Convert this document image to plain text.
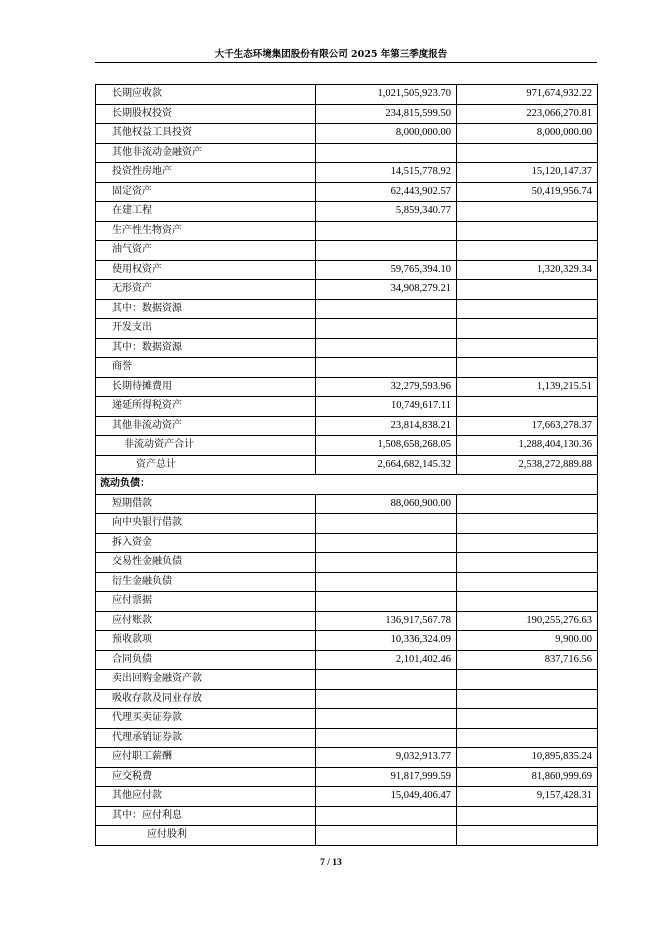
大千生态环境集团股份有限公司 2025 年第三季度报告
长期应收款	1,021,505,923.70	971,674,932.22
长期股权投资	234,815,599.50	223,066,270.81
其他权益工具投资	8,000,000.00	8,000,000.00
其他非流动金融资产		
投资性房地产	14,515,778.92	15,120,147.37
固定资产	62,443,902.57	50,419,956.74
在建工程	5,859,340.77	
生产性生物资产		
油气资产		
使用权资产	59,765,394.10	1,320,329.34
无形资产	34,908,279.21	
其中：数据资源		
开发支出		
其中：数据资源		
商誉		
长期待摊费用	32,279,593.96	1,139,215.51
递延所得税资产	10,749,617.11	
其他非流动资产	23,814,838.21	17,663,278.37
非流动资产合计	1,508,658,268.05	1,288,404,130.36
资产总计	2,664,682,145.32	2,538,272,889.88
流动负债：		
短期借款	88,060,900.00	
向中央银行借款		
拆入资金		
交易性金融负债		
衍生金融负债		
应付票据		
应付账款	136,917,567.78	190,255,276.63
预收款项	10,336,324.09	9,900.00
合同负债	2,101,402.46	837,716.56
卖出回购金融资产款		
吸收存款及同业存放		
代理买卖证券款		
代理承销证券款		
应付职工薪酬	9,032,913.77	10,895,835.24
应交税费	91,817,999.59	81,860,999.69
其他应付款	15,049,406.47	9,157,428.31
其中：应付利息		
应付股利		
7 / 13
